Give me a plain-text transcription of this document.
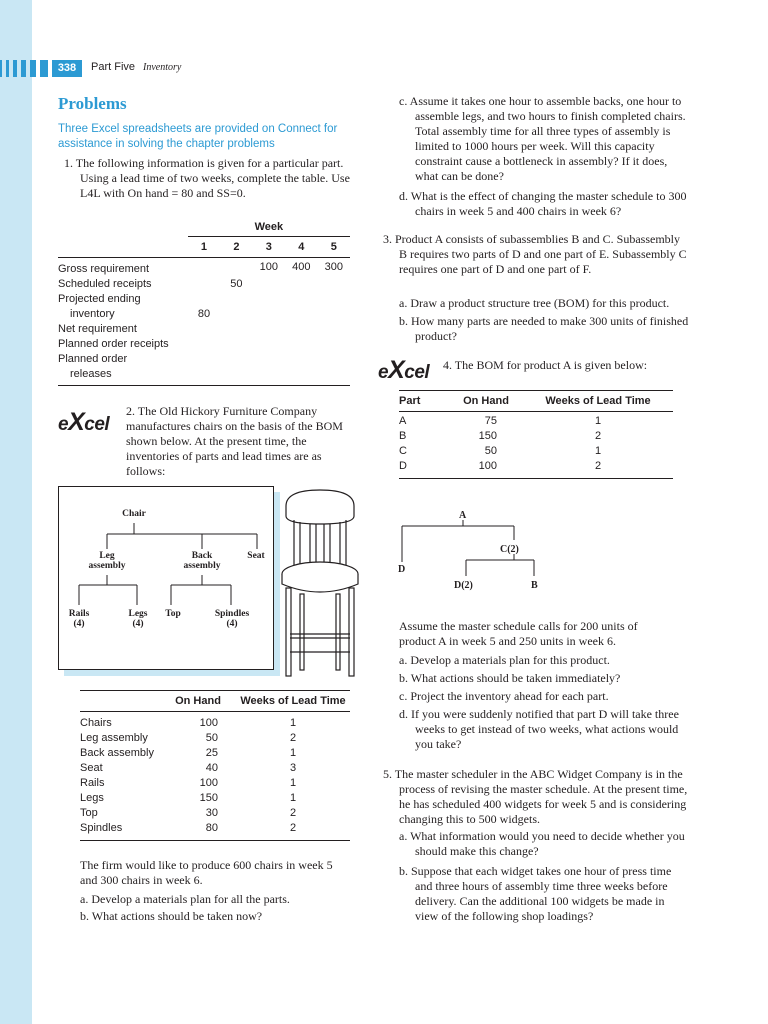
338	Part Five Inventory
Problems
Three Excel spreadsheets are provided on Connect for assistance in solving the chapter problems
1. The following information is given for a particular part. Using a lead time of two weeks, complete the table. Use L4L with On hand = 80 and SS=0.
	Week				
	1	2	3	4	5
Gross requirement			100	400	300
Scheduled receipts		50			
Projected ending					
inventory	80				
Net requirement					
Planned order receipts					
Planned order					
releases					
eXcel
2. The Old Hickory Furniture Company manufactures chairs on the basis of the BOM shown below. At the present time, the inventories of parts and lead times are as follows:
Chair
Leg
assembly
Back
assembly
Seat
Rails
(4)
Legs
(4)
Top	Spindles
(4)
	On Hand	Weeks of Lead Time
Chairs	100	1
Leg assembly	50	2
Back assembly	25	1
Seat	40	3
Rails	100	1
Legs	150	1
Top	30	2
Spindles	80	2
The firm would like to produce 600 chairs in week 5 and 300 chairs in week 6.
a. Develop a materials plan for all the parts.
b. What actions should be taken now?
c. Assume it takes one hour to assemble backs, one hour to assemble legs, and two hours to finish completed chairs. Total assembly time for all three types of assembly is limited to 1000 hours per week. Will this capacity constraint cause a bottleneck in assembly? If it does, what can be done?
d. What is the effect of changing the master schedule to 300 chairs in week 5 and 400 chairs in week 6?
3. Product A consists of subassemblies B and C. Subassembly B requires two parts of D and one part of E. Subassembly C requires one part of D and one part of F.
a. Draw a product structure tree (BOM) for this product.
b. How many parts are needed to make 300 units of finished product?
eXcel 4. The BOM for product A is given below:
Part	On Hand	Weeks of Lead Time
A	75	1
B	150	2
C	50	1
D	100	2
A
C(2)
D
D(2)	B
Assume the master schedule calls for 200 units of product A in week 5 and 250 units in week 6.
a. Develop a materials plan for this product.
b. What actions should be taken immediately?
c. Project the inventory ahead for each part.
d. If you were suddenly notified that part D will take three weeks to get instead of two weeks, what actions would you take?
5. The master scheduler in the ABC Widget Company is in the process of revising the master schedule. At the present time, he has scheduled 400 widgets for week 5 and is considering changing this to 500 widgets.
a. What information would you need to decide whether you should make this change?
b. Suppose that each widget takes one hour of press time and three hours of assembly time three weeks before delivery. Can the additional 100 widgets be made in view of the following shop loadings?
